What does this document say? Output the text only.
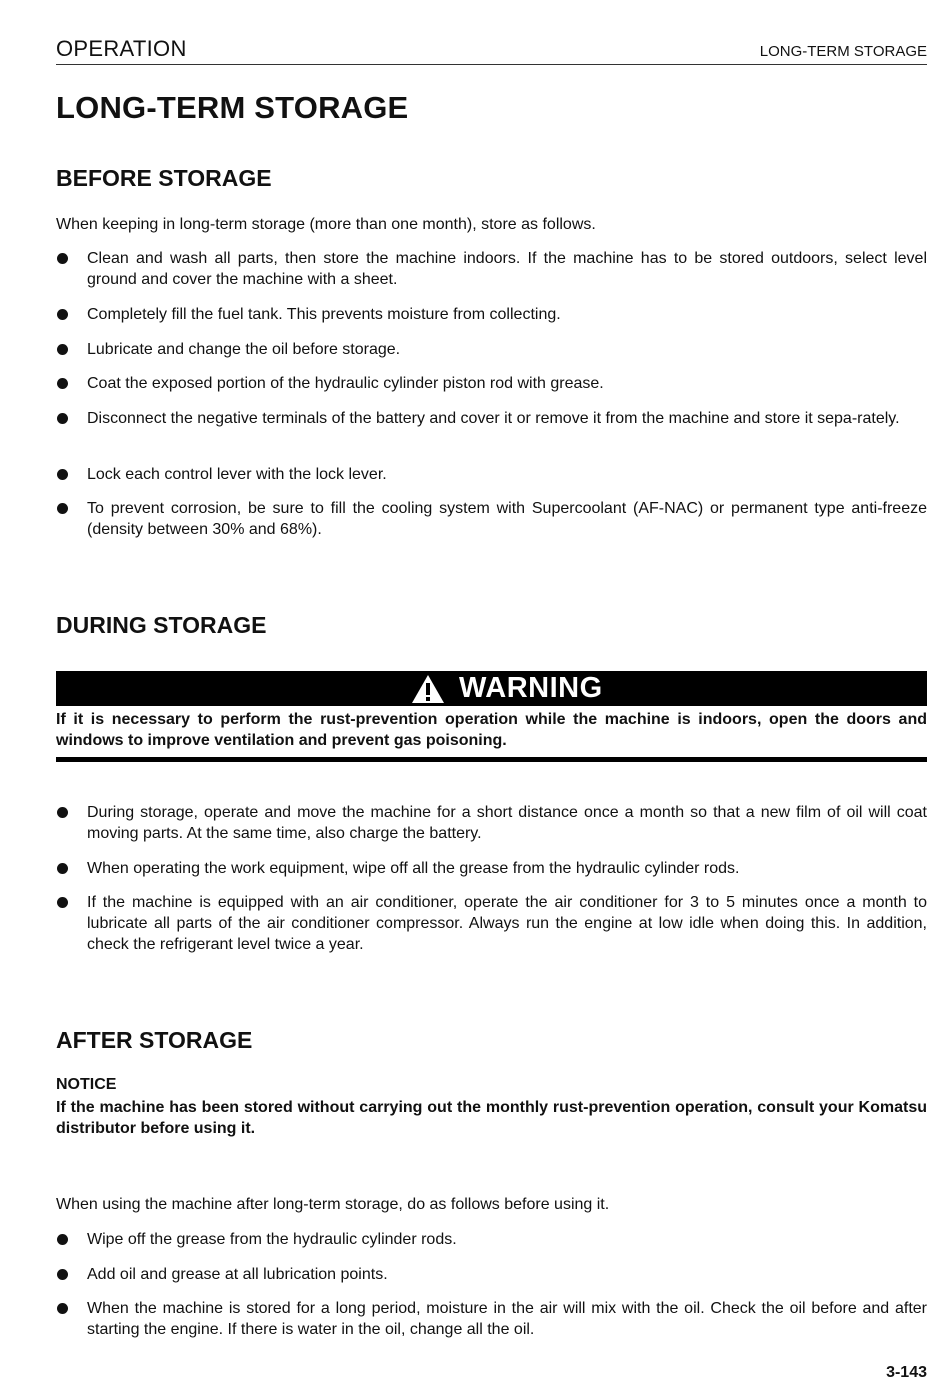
OPERATION	LONG-TERM STORAGE
LONG-TERM STORAGE
BEFORE STORAGE

When keeping in long-term storage (more than one month), store as follows.

Clean and wash all parts, then store the machine indoors. If the machine has to be stored outdoors, select level ground and cover the machine with a sheet.
Completely fill the fuel tank. This prevents moisture from collecting.
Lubricate and change the oil before storage.
Coat the exposed portion of the hydraulic cylinder piston rod with grease.
Disconnect the negative terminals of the battery and cover it or remove it from the machine and store it sepa-rately.
Lock each control lever with the lock lever.
To prevent corrosion, be sure to fill the cooling system with Supercoolant (AF-NAC) or permanent type anti-freeze (density between 30% and 68%).
DURING STORAGE
WARNING
If it is necessary to perform the rust-prevention operation while the machine is indoors, open the doors and windows to improve ventilation and prevent gas poisoning.
During storage, operate and move the machine for a short distance once a month so that a new film of oil will coat moving parts. At the same time, also charge the battery.
When operating the work equipment, wipe off all the grease from the hydraulic cylinder rods.
If the machine is equipped with an air conditioner, operate the air conditioner for 3 to 5 minutes once a month to lubricate all parts of the air conditioner compressor. Always run the engine at low idle when doing this. In addition, check the refrigerant level twice a year.
AFTER STORAGE
NOTICE
If the machine has been stored without carrying out the monthly rust-prevention operation, consult your Komatsu distributor before using it.

When using the machine after long-term storage, do as follows before using it.

Wipe off the grease from the hydraulic cylinder rods.
Add oil and grease at all lubrication points.
When the machine is stored for a long period, moisture in the air will mix with the oil. Check the oil before and after starting the engine. If there is water in the oil, change all the oil.
3-143
